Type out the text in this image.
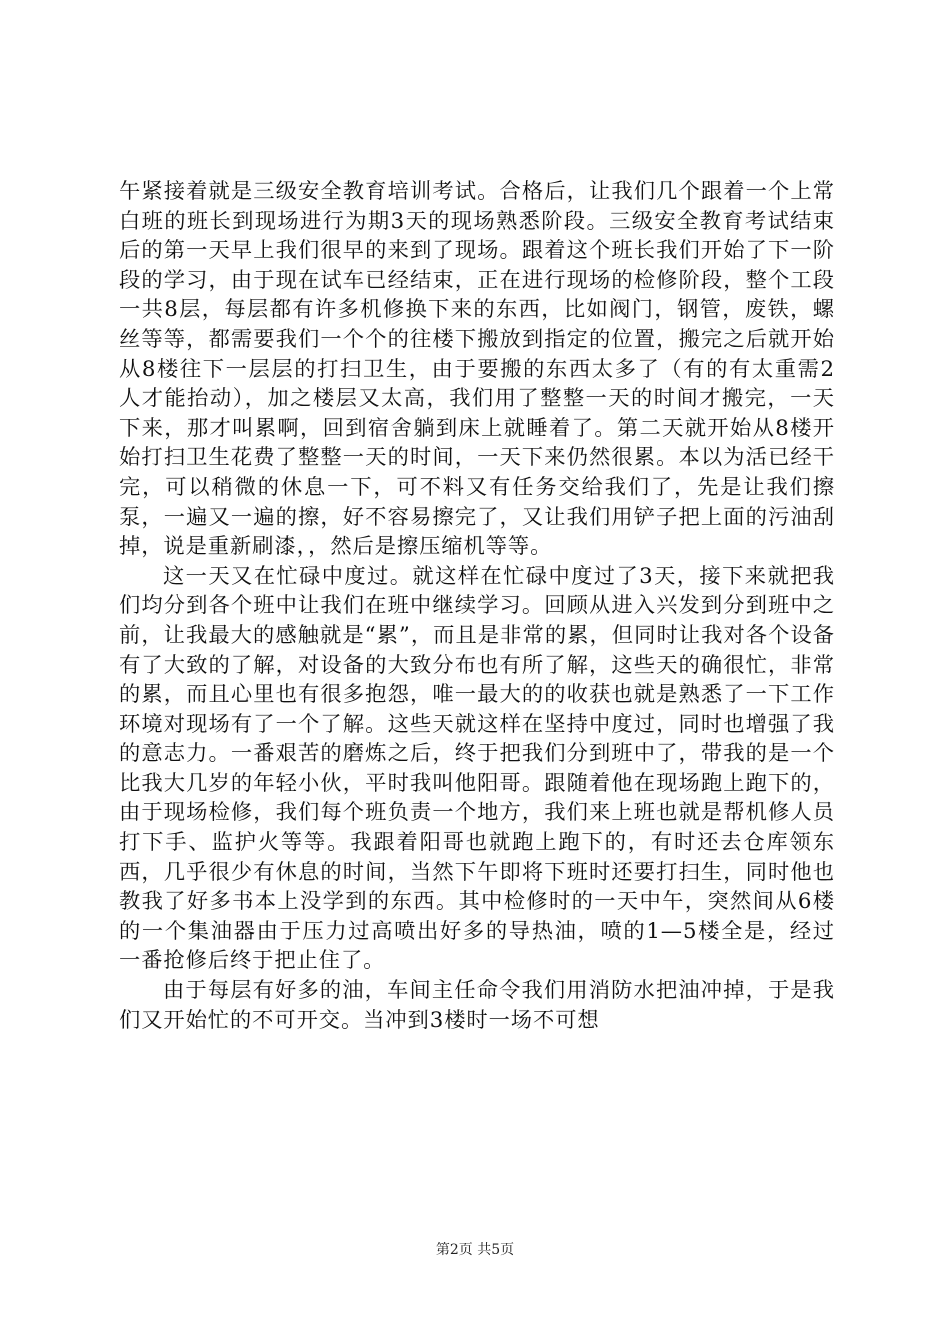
午紧接着就是三级安全教育培训考试。合格后，让我们几个跟着一个上常白班的班长到现场进行为期3天的现场熟悉阶段。三级安全教育考试结束后的第一天早上我们很早的来到了现场。跟着这个班长我们开始了下一阶段的学习，由于现在试车已经结束，正在进行现场的检修阶段，整个工段一共8层，每层都有许多机修换下来的东西，比如阀门，钢管，废铁，螺丝等等，都需要我们一个个的往楼下搬放到指定的位置，搬完之后就开始从8楼往下一层层的打扫卫生，由于要搬的东西太多了（有的有太重需2人才能抬动），加之楼层又太高，我们用了整整一天的时间才搬完，一天下来，那才叫累啊，回到宿舍躺到床上就睡着了。第二天就开始从8楼开始打扫卫生花费了整整一天的时间，一天下来仍然很累。本以为活已经干完，可以稍微的休息一下，可不料又有任务交给我们了，先是让我们擦泵，一遍又一遍的擦，好不容易擦完了，又让我们用铲子把上面的污油刮掉，说是重新刷漆，，然后是擦压缩机等等。

这一天又在忙碌中度过。就这样在忙碌中度过了3天，接下来就把我们均分到各个班中让我们在班中继续学习。回顾从进入兴发到分到班中之前，让我最大的感触就是“累”，而且是非常的累，但同时让我对各个设备有了大致的了解，对设备的大致分布也有所了解，这些天的确很忙，非常的累，而且心里也有很多抱怨，唯一最大的的收获也就是熟悉了一下工作环境对现场有了一个了解。这些天就这样在坚持中度过，同时也增强了我的意志力。一番艰苦的磨炼之后，终于把我们分到班中了，带我的是一个比我大几岁的年轻小伙，平时我叫他阳哥。跟随着他在现场跑上跑下的，由于现场检修，我们每个班负责一个地方，我们来上班也就是帮机修人员打下手、监护火等等。我跟着阳哥也就跑上跑下的，有时还去仓库领东西，几乎很少有休息的时间，当然下午即将下班时还要打扫生，同时他也教我了好多书本上没学到的东西。其中检修时的一天中午，突然间从6楼的一个集油器由于压力过高喷出好多的导热油，喷的1—5楼全是，经过一番抢修后终于把止住了。

由于每层有好多的油，车间主任命令我们用消防水把油冲掉，于是我们又开始忙的不可开交。当冲到3楼时一场不可想

第2页 共5页
